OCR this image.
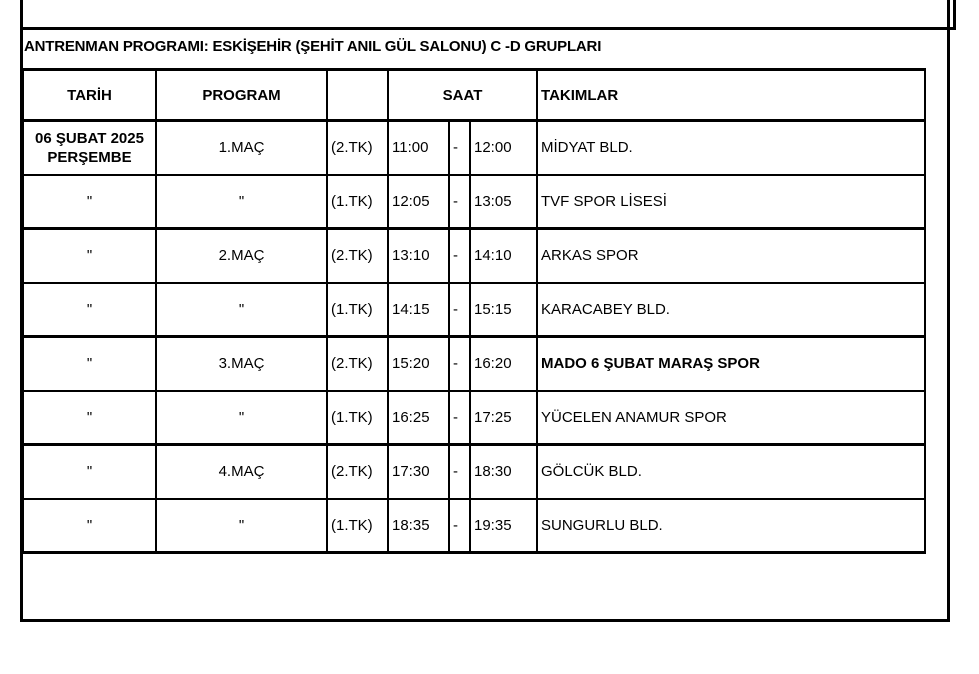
ANTRENMAN PROGRAMI: ESKİŞEHİR (ŞEHİT ANIL GÜL SALONU) C -D GRUPLARI
TARİH	PROGRAM		SAAT			TAKIMLAR

06 ŞUBAT 2025
PERŞEMBE	1.MAÇ	(2.TK)	11:00	-	12:00	MİDYAT BLD.
"	"	(1.TK)	12:05	-	13:05	TVF SPOR LİSESİ
"	2.MAÇ	(2.TK)	13:10	-	14:10	ARKAS SPOR
"	"	(1.TK)	14:15	-	15:15	KARACABEY BLD.
"	3.MAÇ	(2.TK)	15:20	-	16:20	MADO 6 ŞUBAT MARAŞ SPOR
"	"	(1.TK)	16:25	-	17:25	YÜCELEN ANAMUR SPOR
"	4.MAÇ	(2.TK)	17:30	-	18:30	GÖLCÜK BLD.
"	"	(1.TK)	18:35	-	19:35	SUNGURLU BLD.
